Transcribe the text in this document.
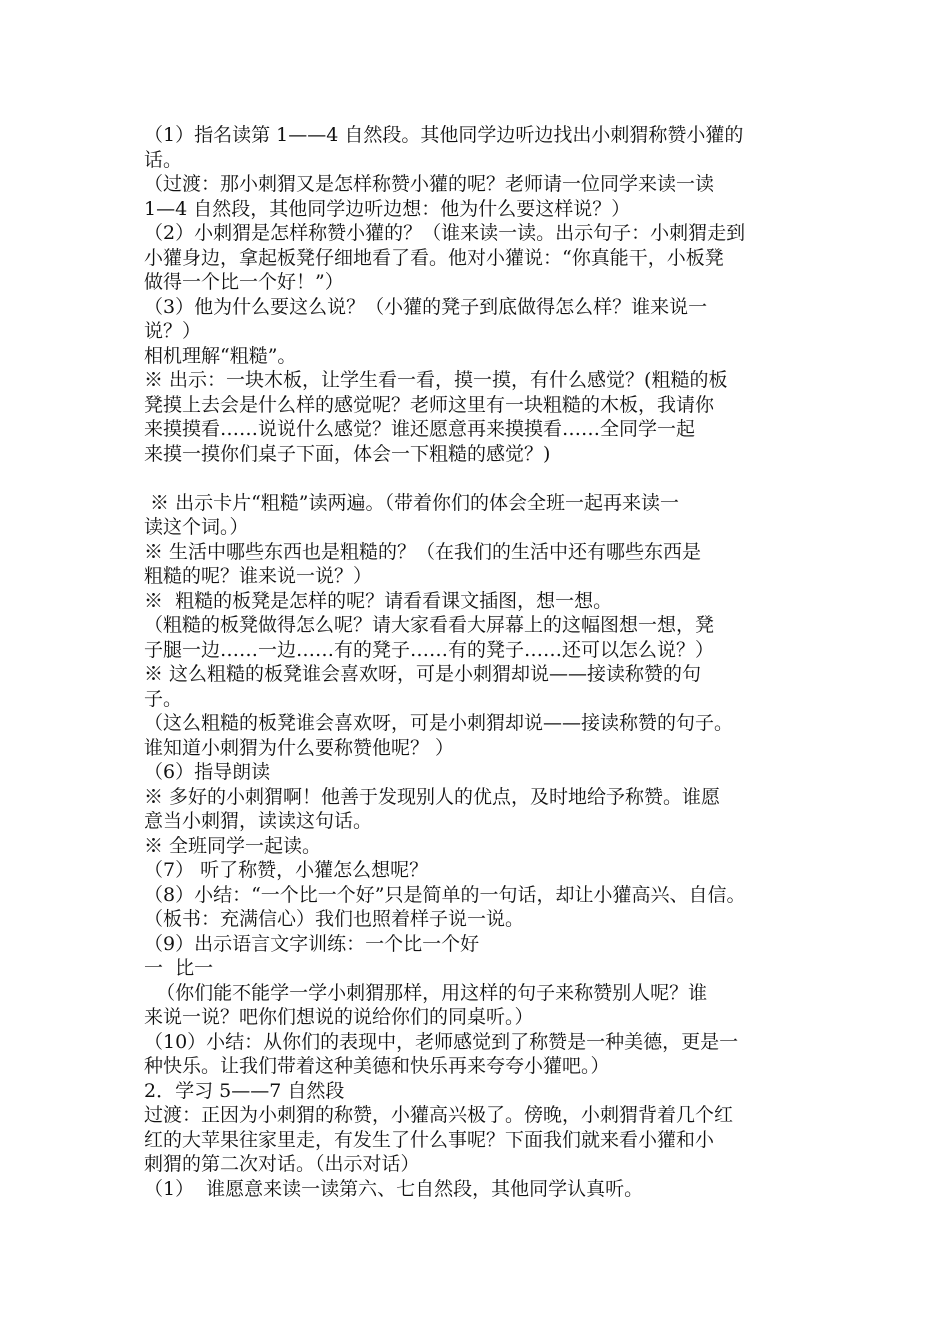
（1）指名读第 1——4 自然段。其他同学边听边找出小刺猬称赞小獾的
话。
（过渡：那小刺猬又是怎样称赞小獾的呢？老师请一位同学来读一读
1—4 自然段，其他同学边听边想：他为什么要这样说？）
（2）小刺猬是怎样称赞小獾的？（谁来读一读。出示句子：小刺猬走到
小獾身边，拿起板凳仔细地看了看。他对小獾说：“你真能干，小板凳
做得一个比一个好！”）
（3）他为什么要这么说？（小獾的凳子到底做得怎么样？谁来说一
说？）
相机理解“粗糙”。
※ 出示：一块木板，让学生看一看，摸一摸，有什么感觉？(粗糙的板
凳摸上去会是什么样的感觉呢？老师这里有一块粗糙的木板，我请你
来摸摸看……说说什么感觉？谁还愿意再来摸摸看……全同学一起
来摸一摸你们桌子下面，体会一下粗糙的感觉？)
※ 出示卡片“粗糙”读两遍。（带着你们的体会全班一起再来读一
读这个词。）
※ 生活中哪些东西也是粗糙的？（在我们的生活中还有哪些东西是
粗糙的呢？谁来说一说？）
※  粗糙的板凳是怎样的呢？请看看课文插图，想一想。
（粗糙的板凳做得怎么呢？请大家看看大屏幕上的这幅图想一想，凳
子腿一边……一边……有的凳子……有的凳子……还可以怎么说？）
※ 这么粗糙的板凳谁会喜欢呀，可是小刺猬却说——接读称赞的句
子。
（这么粗糙的板凳谁会喜欢呀，可是小刺猬却说——接读称赞的句子。
谁知道小刺猬为什么要称赞他呢？ ）
（6）指导朗读
※ 多好的小刺猬啊！他善于发现别人的优点，及时地给予称赞。谁愿
意当小刺猬，读读这句话。
※ 全班同学一起读。
（7） 听了称赞，小獾怎么想呢？
（8）小结：“一个比一个好”只是简单的一句话，却让小獾高兴、自信。
（板书：充满信心）我们也照着样子说一说。
（9）出示语言文字训练：一个比一个好
一  比一
（你们能不能学一学小刺猬那样，用这样的句子来称赞别人呢？谁
来说一说？吧你们想说的说给你们的同桌听。）
（10）小结：从你们的表现中，老师感觉到了称赞是一种美德，更是一
种快乐。让我们带着这种美德和快乐再来夸夸小獾吧。）
2．学习 5——7 自然段
过渡：正因为小刺猬的称赞，小獾高兴极了。傍晚，小刺猬背着几个红
红的大苹果往家里走，有发生了什么事呢？下面我们就来看小獾和小
刺猬的第二次对话。（出示对话）
（1）  谁愿意来读一读第六、七自然段，其他同学认真听。
